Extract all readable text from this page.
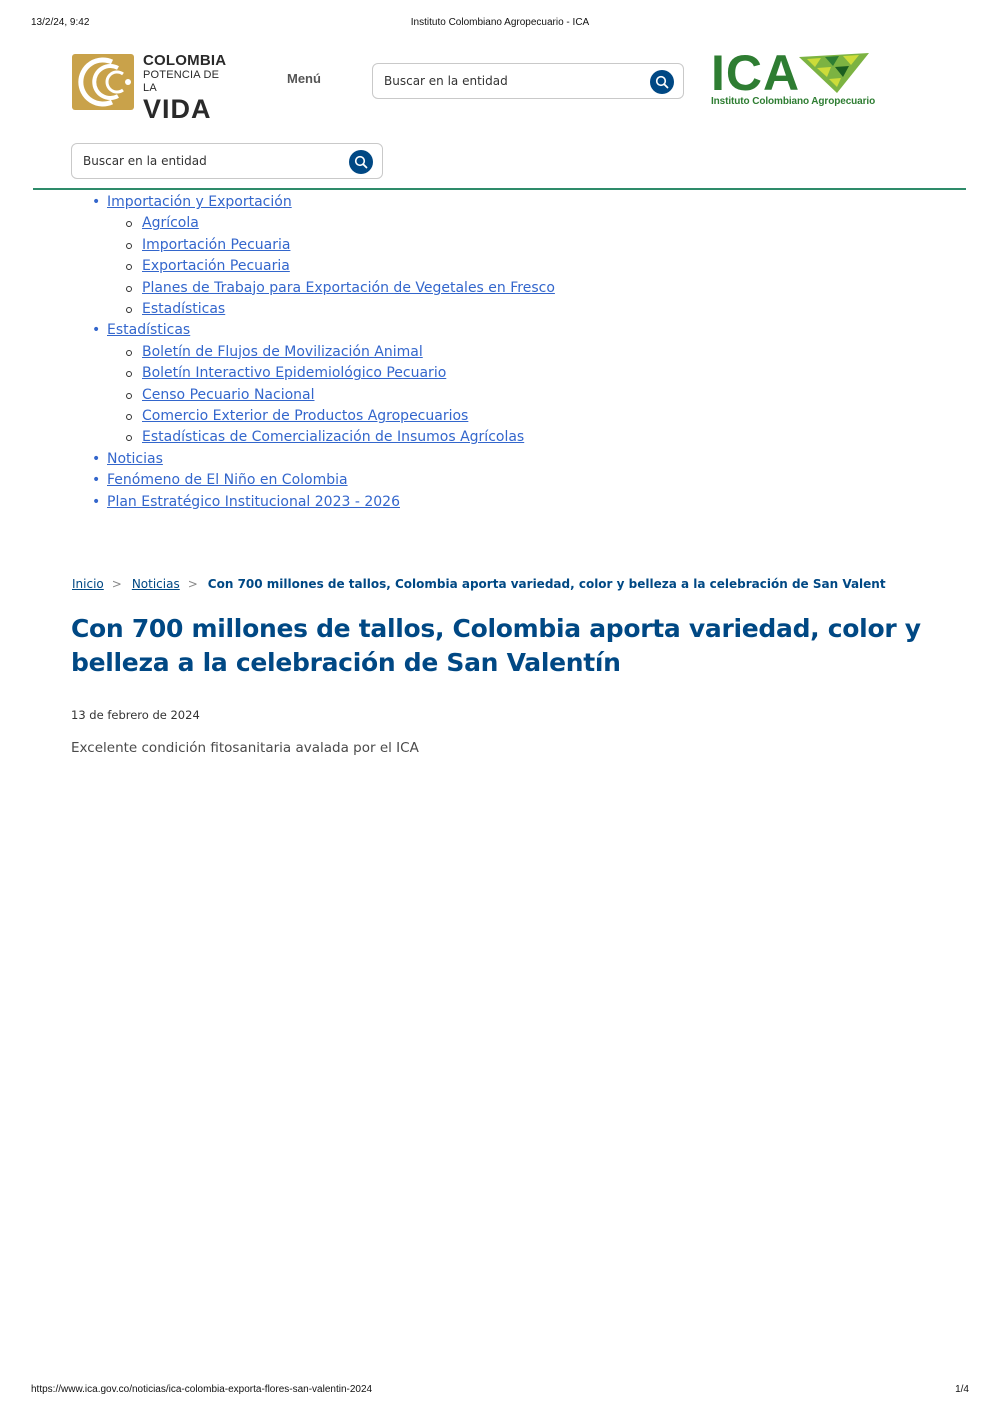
13/2/24, 9:42	Instituto Colombiano Agropecuario - ICA
COLOMBIA
POTENCIA DE LA
VIDA
Menú
Buscar en la entidad	ICA
Instituto Colombiano Agropecuario
Buscar en la entidad
• Importación y Exportación
Agrícola
Importación Pecuaria
Exportación Pecuaria
Planes de Trabajo para Exportación de Vegetales en Fresco
Estadísticas
• Estadísticas
Boletín de Flujos de Movilización Animal
Boletín Interactivo Epidemiológico Pecuario
Censo Pecuario Nacional
Comercio Exterior de Productos Agropecuarios
Estadísticas de Comercialización de Insumos Agrícolas
• Noticias
• Fenómeno de El Niño en Colombia
• Plan Estratégico Institucional 2023 - 2026
Inicio > Noticias > Con 700 millones de tallos, Colombia aporta variedad, color y belleza a la celebración de San Valent
Con 700 millones de tallos, Colombia aporta variedad, color y belleza a la celebración de San Valentín
13 de febrero de 2024
Excelente condición fitosanitaria avalada por el ICA
https://www.ica.gov.co/noticias/ica-colombia-exporta-flores-san-valentin-2024	1/4
